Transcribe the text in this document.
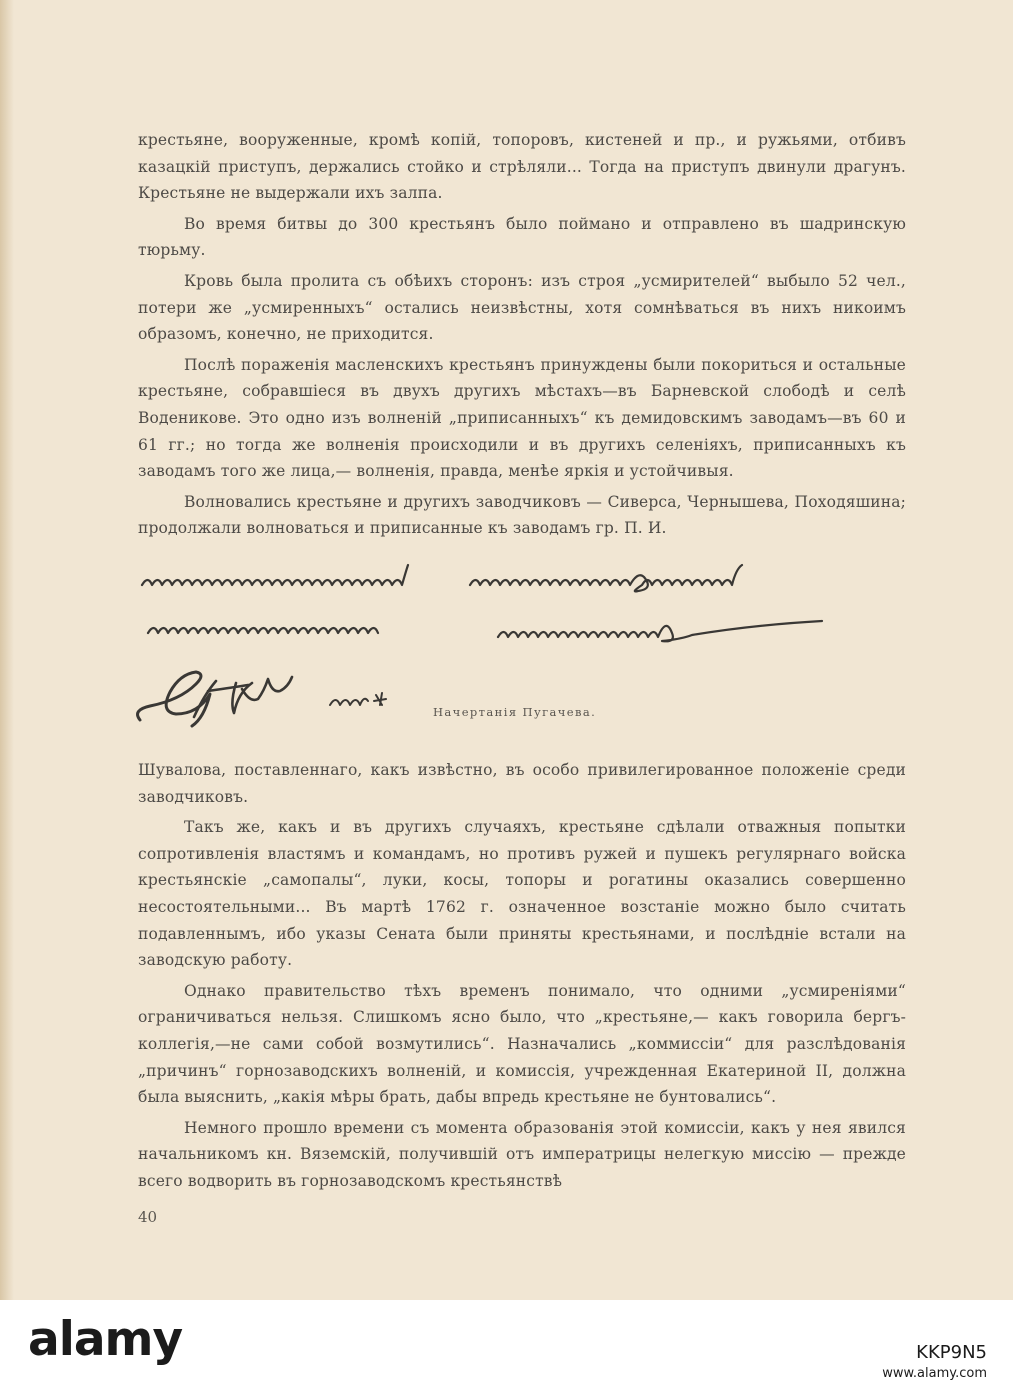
крестьяне, вооруженные, кромѣ копій, топоровъ, кистеней и пр., и ружьями, отбивъ казацкій приступъ, держались стойко и стрѣляли... Тогда на приступъ двинули драгунъ. Крестьяне не выдержали ихъ залпа.

Во время битвы до 300 крестьянъ было поймано и отправлено въ шадринскую тюрьму.

Кровь была пролита съ обѣихъ сторонъ: изъ строя „усмирителей“ выбыло 52 чел., потери же „усмиренныхъ“ остались неизвѣстны, хотя сомнѣваться въ нихъ никоимъ образомъ, конечно, не приходится.

Послѣ пораженія масленскихъ крестьянъ принуждены были покориться и остальные крестьяне, собравшіеся въ двухъ другихъ мѣстахъ—въ Барневской слободѣ и селѣ Воденикове. Это одно изъ волненій „приписанныхъ“ къ демидовскимъ заводамъ—въ 60 и 61 гг.; но тогда же волненія происходили и въ другихъ селеніяхъ, приписанныхъ къ заводамъ того же лица,— волненія, правда, менѣе яркія и устойчивыя.

Волновались крестьяне и другихъ заводчиковъ — Сиверса, Чернышева, Походяшина; продолжали волноваться и приписанные къ заводамъ гр. П. И.

Начертанія Пугачева.

Шувалова, поставленнаго, какъ извѣстно, въ особо привилегированное положеніе среди заводчиковъ.

Такъ же, какъ и въ другихъ случаяхъ, крестьяне сдѣлали отважныя попытки сопротивленія властямъ и командамъ, но противъ ружей и пушекъ регулярнаго войска крестьянскіе „самопалы“, луки, косы, топоры и рогатины оказались совершенно несостоятельными... Въ мартѣ 1762 г. означенное возстаніе можно было считать подавленнымъ, ибо указы Сената были приняты крестьянами, и послѣдніе встали на заводскую работу.

Однако правительство тѣхъ временъ понимало, что одними „усмиреніями“ ограничиваться нельзя. Слишкомъ ясно было, что „крестьяне,— какъ говорила бергъ-коллегія,—не сами собой возмутились“. Назначались „коммиссіи“ для разслѣдованія „причинъ“ горнозаводскихъ волненій, и комиссія, учрежденная Екатериной II, должна была выяснить, „какія мѣры брать, дабы впредь крестьяне не бунтовались“.

Немного прошло времени съ момента образованія этой комиссіи, какъ у нея явился начальникомъ кн. Вяземскій, получившій отъ императрицы нелегкую миссію — прежде всего водворить въ горнозаводскомъ крестьянствѣ

40
alamy	KKP9N5
www.alamy.com
